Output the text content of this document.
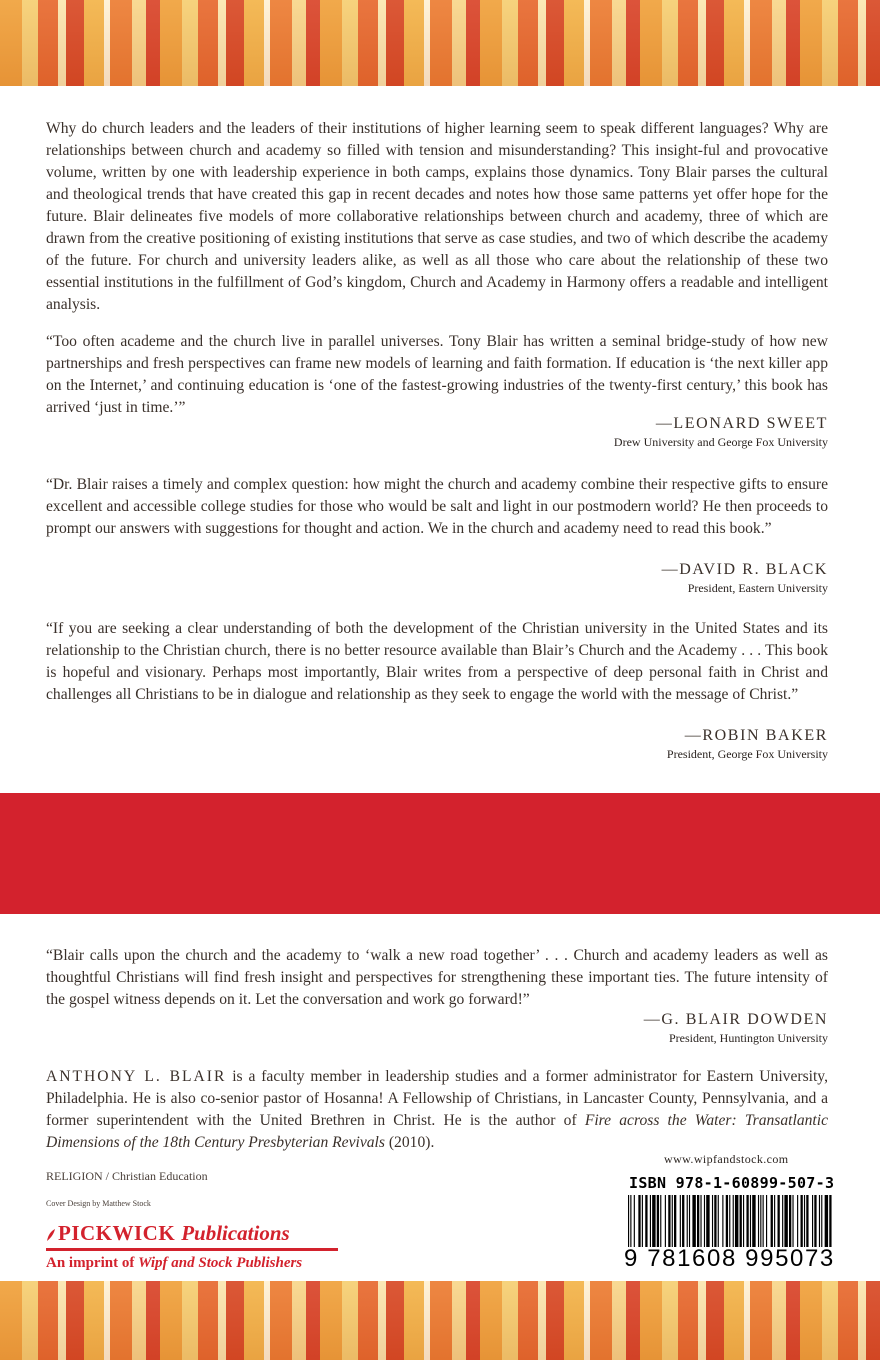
Why do church leaders and the leaders of their institutions of higher learning seem to speak different languages? Why are relationships between church and academy so filled with tension and misunderstanding? This insight-ful and provocative volume, written by one with leadership experience in both camps, explains those dynamics. Tony Blair parses the cultural and theological trends that have created this gap in recent decades and notes how those same patterns yet offer hope for the future. Blair delineates five models of more collaborative relationships between church and academy, three of which are drawn from the creative positioning of existing institutions that serve as case studies, and two of which describe the academy of the future. For church and university leaders alike, as well as all those who care about the relationship of these two essential institutions in the fulfillment of God’s kingdom, Church and Academy in Harmony offers a readable and intelligent analysis.

“Too often academe and the church live in parallel universes. Tony Blair has written a seminal bridge-study of how new partnerships and fresh perspectives can frame new models of learning and faith formation. If education is ‘the next killer app on the Internet,’ and continuing education is ‘one of the fastest-growing industries of the twenty-first century,’ this book has arrived ‘just in time.’”

—LEONARD SWEET
Drew University and George Fox University

“Dr. Blair raises a timely and complex question: how might the church and academy combine their respective gifts to ensure excellent and accessible college studies for those who would be salt and light in our postmodern world? He then proceeds to prompt our answers with suggestions for thought and action. We in the church and academy need to read this book.”

—DAVID R. BLACK
President, Eastern University

“If you are seeking a clear understanding of both the development of the Christian university in the United States and its relationship to the Christian church, there is no better resource available than Blair’s Church and the Academy . . . This book is hopeful and visionary. Perhaps most importantly, Blair writes from a perspective of deep personal faith in Christ and challenges all Christians to be in dialogue and relationship as they seek to engage the world with the message of Christ.”

—ROBIN BAKER
President, George Fox University

“Blair calls upon the church and the academy to ‘walk a new road together’ . . . Church and academy leaders as well as thoughtful Christians will find fresh insight and perspectives for strengthening these important ties. The future intensity of the gospel witness depends on it. Let the conversation and work go forward!”

—G. BLAIR DOWDEN
President, Huntington University
ANTHONY L. BLAIR is a faculty member in leadership studies and a former administrator for Eastern University, Philadelphia. He is also co-senior pastor of Hosanna! A Fellowship of Christians, in Lancaster County, Pennsylvania, and a former superintendent with the United Brethren in Christ. He is the author of Fire across the Water: Transatlantic Dimensions of the 18th Century Presbyterian Revivals (2010).
RELIGION / Christian Education
Cover Design by Matthew Stock
PICKWICK Publications
An imprint of Wipf and Stock Publishers
www.wipfandstock.com
ISBN 978-1-60899-507-3
9 781608 995073
